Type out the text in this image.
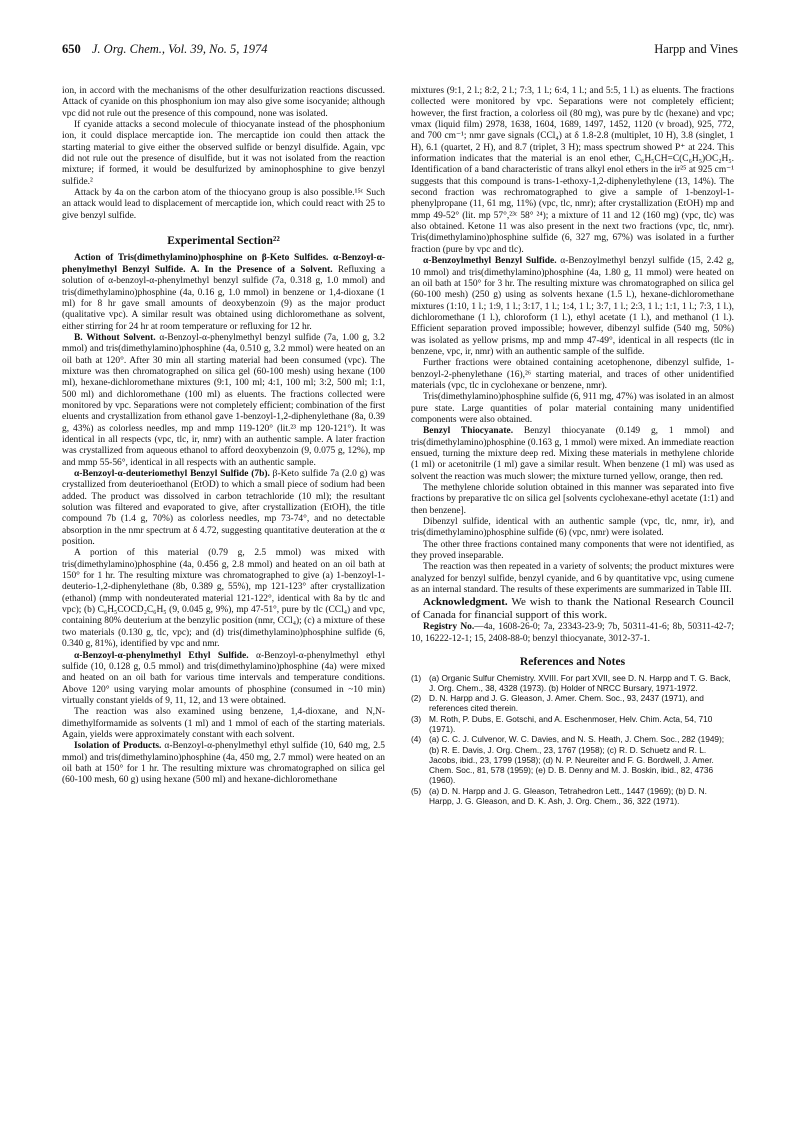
650 J. Org. Chem., Vol. 39, No. 5, 1974	Harpp and Vines

ion, in accord with the mechanisms of the other desulfurization reactions discussed. Attack of cyanide on this phosphonium ion may also give some isocyanide; although vpc did not rule out the presence of this compound, none was isolated.

If cyanide attacks a second molecule of thiocyanate instead of the phosphonium ion, it could displace mercaptide ion. The mercaptide ion could then attack the starting material to give either the observed sulfide or benzyl disulfide. Again, vpc did not rule out the presence of disulfide, but it was not isolated from the reaction mixture; if formed, it would be desulfurized by aminophosphine to give benzyl sulfide.²

Attack by 4a on the carbon atom of the thiocyano group is also possible.¹⁵ᶜ Such an attack would lead to displacement of mercaptide ion, which could react with 25 to give benzyl sulfide.

Experimental Section²²

Action of Tris(dimethylamino)phosphine on β-Keto Sulfides. α-Benzoyl-α-phenylmethyl Benzyl Sulfide. A. In the Presence of a Solvent. Refluxing a solution of α-benzoyl-α-phenylmethyl benzyl sulfide (7a, 0.318 g, 1.0 mmol) and tris(dimethylamino)phosphine (4a, 0.16 g, 1.0 mmol) in benzene or 1,4-dioxane (1 ml) for 8 hr gave small amounts of deoxybenzoin (9) as the major product (qualitative vpc). A similar result was obtained using dichloromethane as solvent, either stirring for 24 hr at room temperature or refluxing for 12 hr.

B. Without Solvent. α-Benzoyl-α-phenylmethyl benzyl sulfide (7a, 1.00 g, 3.2 mmol) and tris(dimethylamino)phosphine (4a, 0.510 g, 3.2 mmol) were heated on an oil bath at 120°. After 30 min all starting material had been consumed (vpc). The mixture was then chromatographed on silica gel (60-100 mesh) using hexane (100 ml), hexane-dichloromethane mixtures (9:1, 100 ml; 4:1, 100 ml; 3:2, 500 ml; 1:1, 500 ml) and dichloromethane (100 ml) as eluents. The fractions collected were monitored by vpc. Separations were not completely efficient; combination of the first eluents and crystallization from ethanol gave 1-benzoyl-1,2-diphenylethane (8a, 0.39 g, 43%) as colorless needles, mp and mmp 119-120° (lit.²³ mp 120-121°). It was identical in all respects (vpc, tlc, ir, nmr) with an authentic sample. A later fraction was crystallized from aqueous ethanol to afford deoxybenzoin (9, 0.075 g, 12%), mp and mmp 55-56°, identical in all respects with an authentic sample.

α-Benzoyl-α-deuteriomethyl Benzyl Sulfide (7b). β-Keto sulfide 7a (2.0 g) was crystallized from deuterioethanol (EtOD) to which a small piece of sodium had been added. The product was dissolved in carbon tetrachloride (10 ml); the resultant solution was filtered and evaporated to give, after crystallization (EtOH), the title compound 7b (1.4 g, 70%) as colorless needles, mp 73-74°, and no detectable absorption in the nmr spectrum at δ 4.72, suggesting quantitative deuteration at the α position.

A portion of this material (0.79 g, 2.5 mmol) was mixed with tris(dimethylamino)phosphine (4a, 0.456 g, 2.8 mmol) and heated on an oil bath at 150° for 1 hr. The resulting mixture was chromatographed to give (a) 1-benzoyl-1-deuterio-1,2-diphenylethane (8b, 0.389 g, 55%), mp 121-123° after crystallization (ethanol) (mmp with nondeuterated material 121-122°, identical with 8a by tlc and vpc); (b) C₆H₅COCD₂C₆H₅ (9, 0.045 g, 9%), mp 47-51°, pure by tlc (CCl₄) and vpc, containing 80% deuterium at the benzylic position (nmr, CCl₄); (c) a mixture of these two materials (0.130 g, tlc, vpc); and (d) tris(dimethylamino)phosphine sulfide (6, 0.340 g, 81%), identified by vpc and nmr.

α-Benzoyl-α-phenylmethyl Ethyl Sulfide. α-Benzoyl-α-phenylmethyl ethyl sulfide (10, 0.128 g, 0.5 mmol) and tris(dimethylamino)phosphine (4a) were mixed and heated on an oil bath for various time intervals and temperature conditions. Above 120° using varying molar amounts of phosphine (consumed in ~10 min) virtually constant yields of 9, 11, 12, and 13 were obtained.

The reaction was also examined using benzene, 1,4-dioxane, and N,N-dimethylformamide as solvents (1 ml) and 1 mmol of each of the starting materials. Again, yields were approximately constant with each solvent.

Isolation of Products. α-Benzoyl-α-phenylmethyl ethyl sulfide (10, 640 mg, 2.5 mmol) and tris(dimethylamino)phosphine (4a, 450 mg, 2.7 mmol) were heated on an oil bath at 150° for 1 hr. The resulting mixture was chromatographed on silica gel (60-100 mesh, 60 g) using hexane (500 ml) and hexane-dichloromethane

mixtures (9:1, 2 l.; 8:2, 2 l.; 7:3, 1 l.; 6:4, 1 l.; and 5:5, 1 l.) as eluents. The fractions collected were monitored by vpc. Separations were not completely efficient; however, the first fraction, a colorless oil (80 mg), was pure by tlc (hexane) and vpc; νmax (liquid film) 2978, 1638, 1604, 1689, 1497, 1452, 1120 (v broad), 925, 772, and 700 cm⁻¹; nmr gave signals (CCl₄) at δ 1.8-2.8 (multiplet, 10 H), 3.8 (singlet, 1 H), 6.1 (quartet, 2 H), and 8.7 (triplet, 3 H); mass spectrum showed P⁺ at 224. This information indicates that the material is an enol ether, C₆H₅CH=C(C₆H₅)OC₂H₅. Identification of a band characteristic of trans alkyl enol ethers in the ir²⁵ at 925 cm⁻¹ suggests that this compound is trans-1-ethoxy-1,2-diphenylethylene (13, 14%). The second fraction was rechromatographed to give a sample of 1-benzoyl-1-phenylpropane (11, 61 mg, 11%) (vpc, tlc, nmr); after crystallization (EtOH) mp and mmp 49-52° (lit. mp 57°,²³ᶜ 58° ²⁴); a mixture of 11 and 12 (160 mg) (vpc, tlc) was also obtained. Ketone 11 was also present in the next two fractions (vpc, tlc, nmr). Tris(dimethylamino)phosphine sulfide (6, 327 mg, 67%) was isolated in a further fraction (pure by vpc and tlc).

α-Benzoylmethyl Benzyl Sulfide. α-Benzoylmethyl benzyl sulfide (15, 2.42 g, 10 mmol) and tris(dimethylamino)phosphine (4a, 1.80 g, 11 mmol) were heated on an oil bath at 150° for 3 hr. The resulting mixture was chromatographed on silica gel (60-100 mesh) (250 g) using as solvents hexane (1.5 l.), hexane-dichloromethane mixtures (1:10, 1 l.; 1:9, 1 l.; 3:17, 1 l.; 1:4, 1 l.; 3:7, 1 l.; 2:3, 1 l.; 1:1, 1 l.; 7:3, 1 l.), dichloromethane (1 l.), chloroform (1 l.), ethyl acetate (1 l.), and methanol (1 l.). Efficient separation proved impossible; however, dibenzyl sulfide (540 mg, 50%) was isolated as yellow prisms, mp and mmp 47-49°, identical in all respects (tlc in benzene, vpc, ir, nmr) with an authentic sample of the sulfide.

Further fractions were obtained containing acetophenone, dibenzyl sulfide, 1-benzoyl-2-phenylethane (16),²⁶ starting material, and traces of other unidentified materials (vpc, tlc in cyclohexane or benzene, nmr).

Tris(dimethylamino)phosphine sulfide (6, 911 mg, 47%) was isolated in an almost pure state. Large quantities of polar material containing many unidentified components were also obtained.

Benzyl Thiocyanate. Benzyl thiocyanate (0.149 g, 1 mmol) and tris(dimethylamino)phosphine (0.163 g, 1 mmol) were mixed. An immediate reaction ensued, turning the mixture deep red. Mixing these materials in methylene chloride (1 ml) or acetonitrile (1 ml) gave a similar result. When benzene (1 ml) was used as solvent the reaction was much slower; the mixture turned yellow, orange, then red.

The methylene chloride solution obtained in this manner was separated into five fractions by preparative tlc on silica gel [solvents cyclohexane-ethyl acetate (1:1) and then benzene].

Dibenzyl sulfide, identical with an authentic sample (vpc, tlc, nmr, ir), and tris(dimethylamino)phosphine sulfide (6) (vpc, nmr) were isolated.

The other three fractions contained many components that were not identified, as they proved inseparable.

The reaction was then repeated in a variety of solvents; the product mixtures were analyzed for benzyl sulfide, benzyl cyanide, and 6 by quantitative vpc, using cumene as an internal standard. The results of these experiments are summarized in Table III.

Acknowledgment. We wish to thank the National Research Council of Canada for financial support of this work.

Registry No.—4a, 1608-26-0; 7a, 23343-23-9; 7b, 50311-41-6; 8b, 50311-42-7; 10, 16222-12-1; 15, 2408-88-0; benzyl thiocyanate, 3012-37-1.

References and Notes
(1) (a) Organic Sulfur Chemistry. XVIII. For part XVII, see D. N. Harpp and T. G. Back, J. Org. Chem., 38, 4328 (1973). (b) Holder of NRCC Bursary, 1971-1972.
(2) D. N. Harpp and J. G. Gleason, J. Amer. Chem. Soc., 93, 2437 (1971), and references cited therein.
(3) M. Roth, P. Dubs, E. Gotschi, and A. Eschenmoser, Helv. Chim. Acta, 54, 710 (1971).
(4) (a) C. C. J. Culvenor, W. C. Davies, and N. S. Heath, J. Chem. Soc., 282 (1949); (b) R. E. Davis, J. Org. Chem., 23, 1767 (1958); (c) R. D. Schuetz and R. L. Jacobs, ibid., 23, 1799 (1958); (d) N. P. Neureiter and F. G. Bordwell, J. Amer. Chem. Soc., 81, 578 (1959); (e) D. B. Denny and M. J. Boskin, ibid., 82, 4736 (1960).
(5) (a) D. N. Harpp and J. G. Gleason, Tetrahedron Lett., 1447 (1969); (b) D. N. Harpp, J. G. Gleason, and D. K. Ash, J. Org. Chem., 36, 322 (1971).
